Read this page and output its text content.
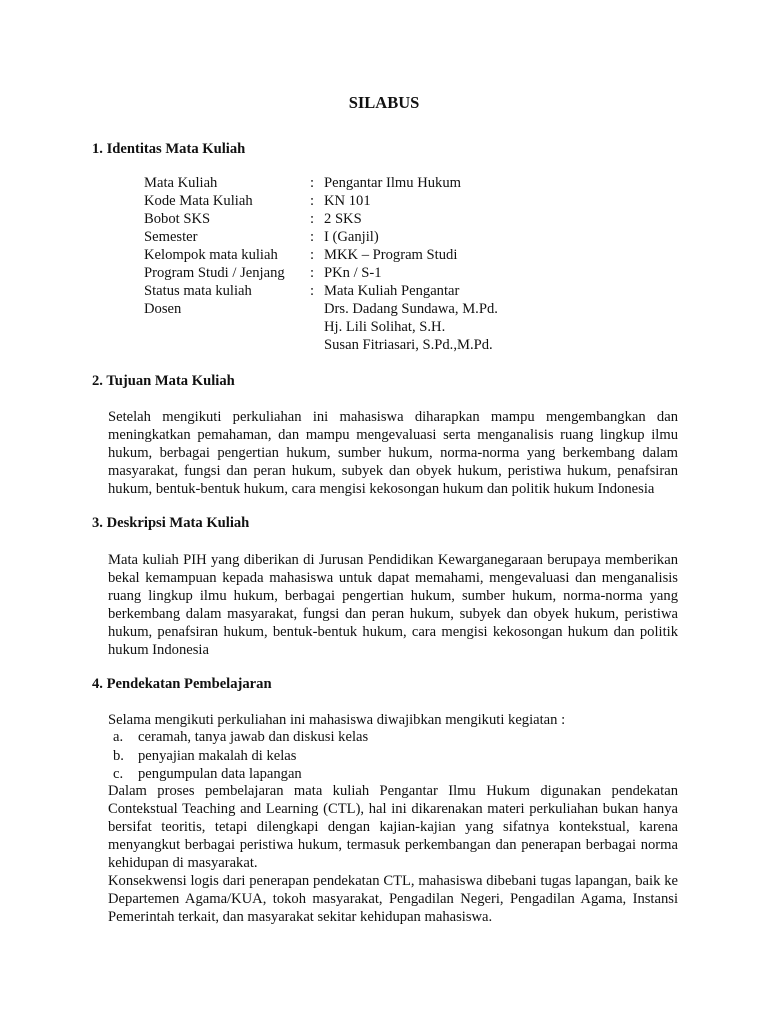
SILABUS
1. Identitas Mata Kuliah
Mata Kuliah	: Pengantar Ilmu Hukum
Kode Mata Kuliah	: KN 101
Bobot SKS	: 2 SKS
Semester	: I (Ganjil)
Kelompok mata kuliah : MKK – Program Studi
Program Studi / Jenjang : PKn / S-1
Status mata kuliah	: Mata Kuliah Pengantar
Dosen	Drs. Dadang Sundawa, M.Pd.
Hj. Lili Solihat, S.H.
Susan Fitriasari, S.Pd.,M.Pd.
2. Tujuan Mata Kuliah

Setelah mengikuti perkuliahan ini mahasiswa diharapkan mampu mengembangkan dan meningkatkan pemahaman, dan mampu mengevaluasi serta menganalisis ruang lingkup ilmu hukum, berbagai pengertian hukum, sumber hukum, norma-norma yang berkembang dalam masyarakat, fungsi dan peran hukum, subyek dan obyek hukum, peristiwa hukum, penafsiran hukum, bentuk-bentuk hukum, cara mengisi kekosongan hukum dan politik hukum Indonesia

3. Deskripsi Mata Kuliah

Mata kuliah PIH yang diberikan di Jurusan Pendidikan Kewarganegaraan berupaya memberikan bekal kemampuan kepada mahasiswa untuk dapat memahami, mengevaluasi dan menganalisis ruang lingkup ilmu hukum, berbagai pengertian hukum, sumber hukum, norma-norma yang berkembang dalam masyarakat, fungsi dan peran hukum, subyek dan obyek hukum, peristiwa hukum, penafsiran hukum, bentuk-bentuk hukum, cara mengisi kekosongan hukum dan politik hukum Indonesia

4. Pendekatan Pembelajaran

Selama mengikuti perkuliahan ini mahasiswa diwajibkan mengikuti kegiatan :

a. ceramah, tanya jawab dan diskusi kelas
b. penyajian makalah di kelas
c. pengumpulan data lapangan

Dalam proses pembelajaran mata kuliah Pengantar Ilmu Hukum digunakan pendekatan Contekstual Teaching and Learning (CTL), hal ini dikarenakan materi perkuliahan bukan hanya bersifat teoritis, tetapi dilengkapi dengan kajian-kajian yang sifatnya kontekstual, karena menyangkut berbagai peristiwa hukum, termasuk perkembangan dan penerapan berbagai norma kehidupan di masyarakat.

Konsekwensi logis dari penerapan pendekatan CTL, mahasiswa dibebani tugas lapangan, baik ke Departemen Agama/KUA, tokoh masyarakat, Pengadilan Negeri, Pengadilan Agama, Instansi Pemerintah terkait, dan masyarakat sekitar kehidupan mahasiswa.
